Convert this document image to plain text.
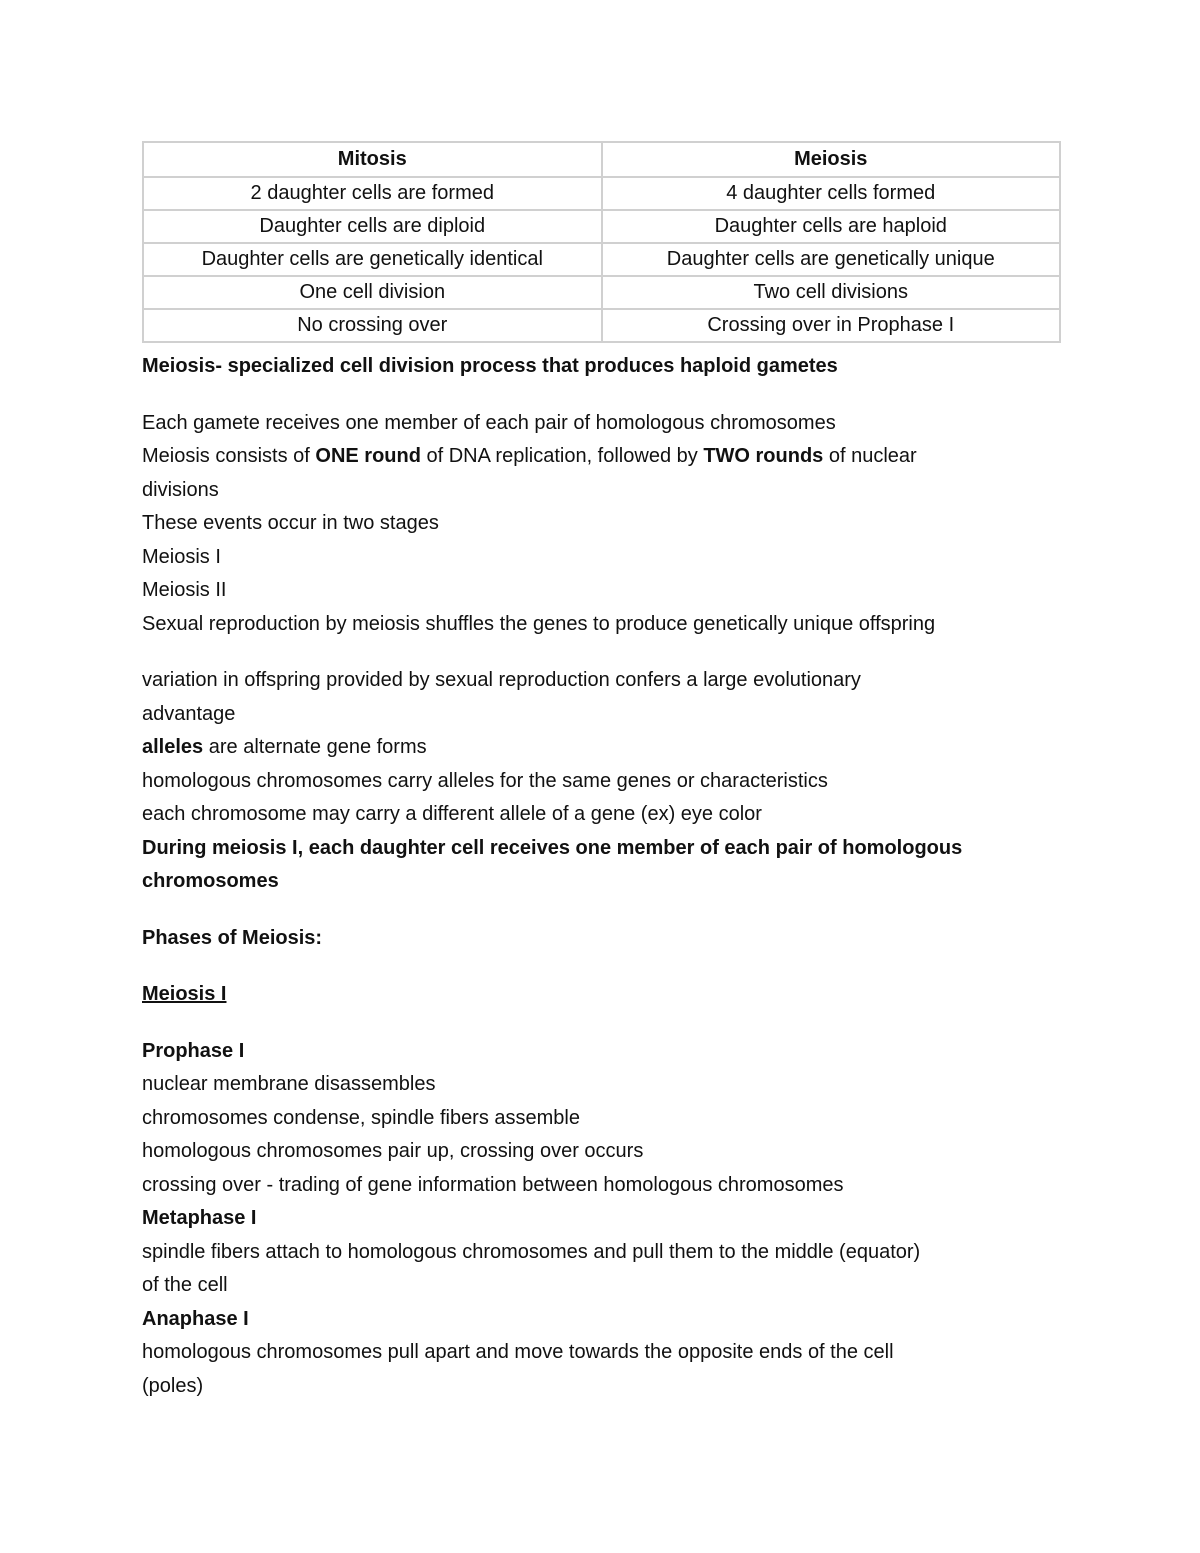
Mitosis	Meiosis
2 daughter cells are formed	4 daughter cells formed
Daughter cells are diploid	Daughter cells are haploid
Daughter cells are genetically identical	Daughter cells are genetically unique
One cell division	Two cell divisions
No crossing over	Crossing over in Prophase I
Meiosis- specialized cell division process that produces haploid gametes
Each gamete receives one member of each pair of homologous chromosomes
Meiosis consists of ONE round of DNA replication, followed by TWO rounds of nuclear
divisions
These events occur in two stages
Meiosis I
Meiosis II
Sexual reproduction by meiosis shuffles the genes to produce genetically unique offspring
variation in offspring provided by sexual reproduction confers a large evolutionary
advantage
alleles are alternate gene forms
homologous chromosomes carry alleles for the same genes or characteristics
each chromosome may carry a different allele of a gene (ex) eye color
During meiosis I, each daughter cell receives one member of each pair of homologous
chromosomes
Phases of Meiosis:
Meiosis I
Prophase I
nuclear membrane disassembles
chromosomes condense, spindle fibers assemble
homologous chromosomes pair up, crossing over occurs
crossing over - trading of gene information between homologous chromosomes
Metaphase I
spindle fibers attach to homologous chromosomes and pull them to the middle (equator)
of the cell
Anaphase I
homologous chromosomes pull apart and move towards the opposite ends of the cell
(poles)
